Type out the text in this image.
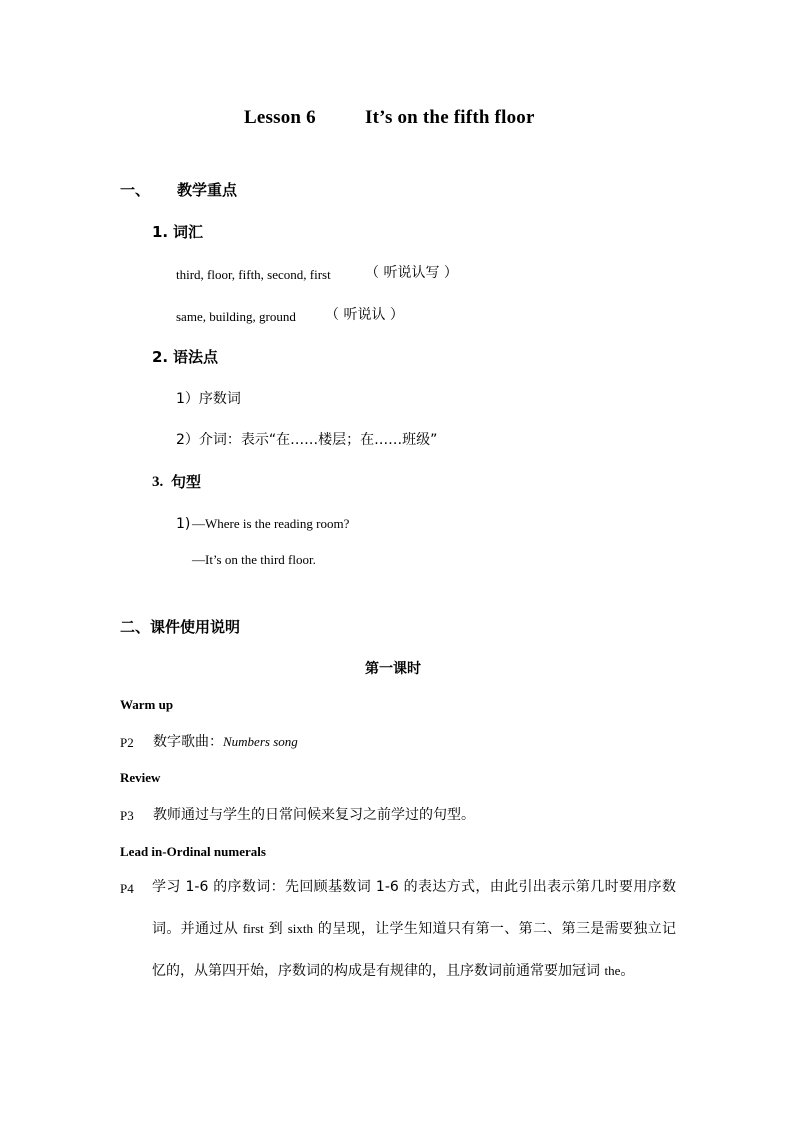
Lesson 6	It’s on the fifth floor
一、 教学重点
1. 词汇
third, floor, fifth, second, first （ 听说认写 ）
same, building, ground （ 听说认 ）
2. 语法点
1）序数词
2）介词：表示“在……楼层；在……班级”
3. 句型
1) —Where is the reading room?
—It’s on the third floor.
二、课件使用说明
第一课时
Warm up
P2 数字歌曲：Numbers song
Review
P3 教师通过与学生的日常问候来复习之前学过的句型。
Lead in-Ordinal numerals
P4 学习 1-6 的序数词：先回顾基数词 1-6 的表达方式，由此引出表示第几时要用序数词。并通过从 first 到 sixth 的呈现，让学生知道只有第一、第二、第三是需要独立记忆的，从第四开始，序数词的构成是有规律的，且序数词前通常要加冠词 the。
